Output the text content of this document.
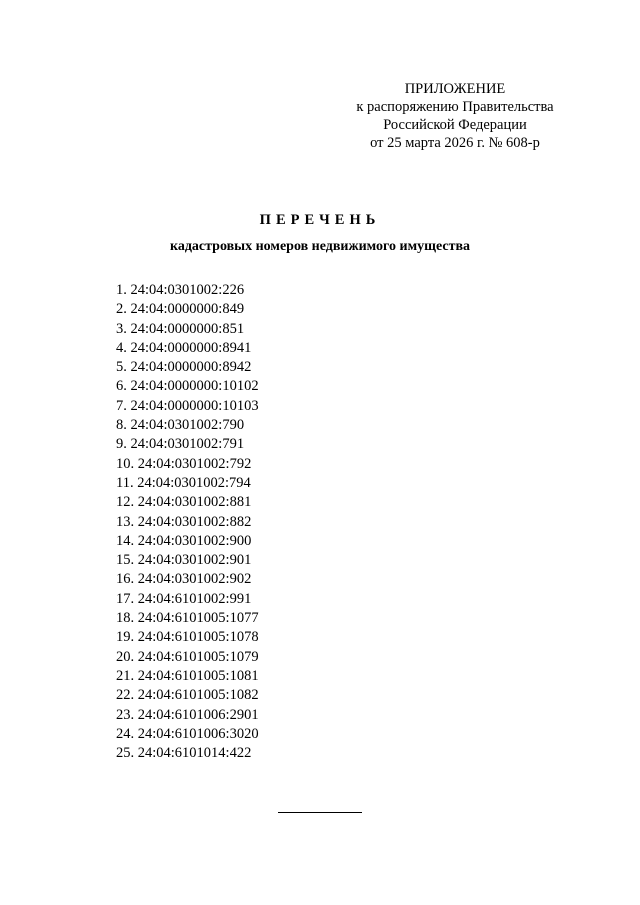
ПРИЛОЖЕНИЕ
к распоряжению Правительства
Российской Федерации
от 25 марта 2026 г. № 608-р
ПЕРЕЧЕНЬ
кадастровых номеров недвижимого имущества
1. 24:04:0301002:226
2. 24:04:0000000:849
3. 24:04:0000000:851
4. 24:04:0000000:8941
5. 24:04:0000000:8942
6. 24:04:0000000:10102
7. 24:04:0000000:10103
8. 24:04:0301002:790
9. 24:04:0301002:791
10. 24:04:0301002:792
11. 24:04:0301002:794
12. 24:04:0301002:881
13. 24:04:0301002:882
14. 24:04:0301002:900
15. 24:04:0301002:901
16. 24:04:0301002:902
17. 24:04:6101002:991
18. 24:04:6101005:1077
19. 24:04:6101005:1078
20. 24:04:6101005:1079
21. 24:04:6101005:1081
22. 24:04:6101005:1082
23. 24:04:6101006:2901
24. 24:04:6101006:3020
25. 24:04:6101014:422
